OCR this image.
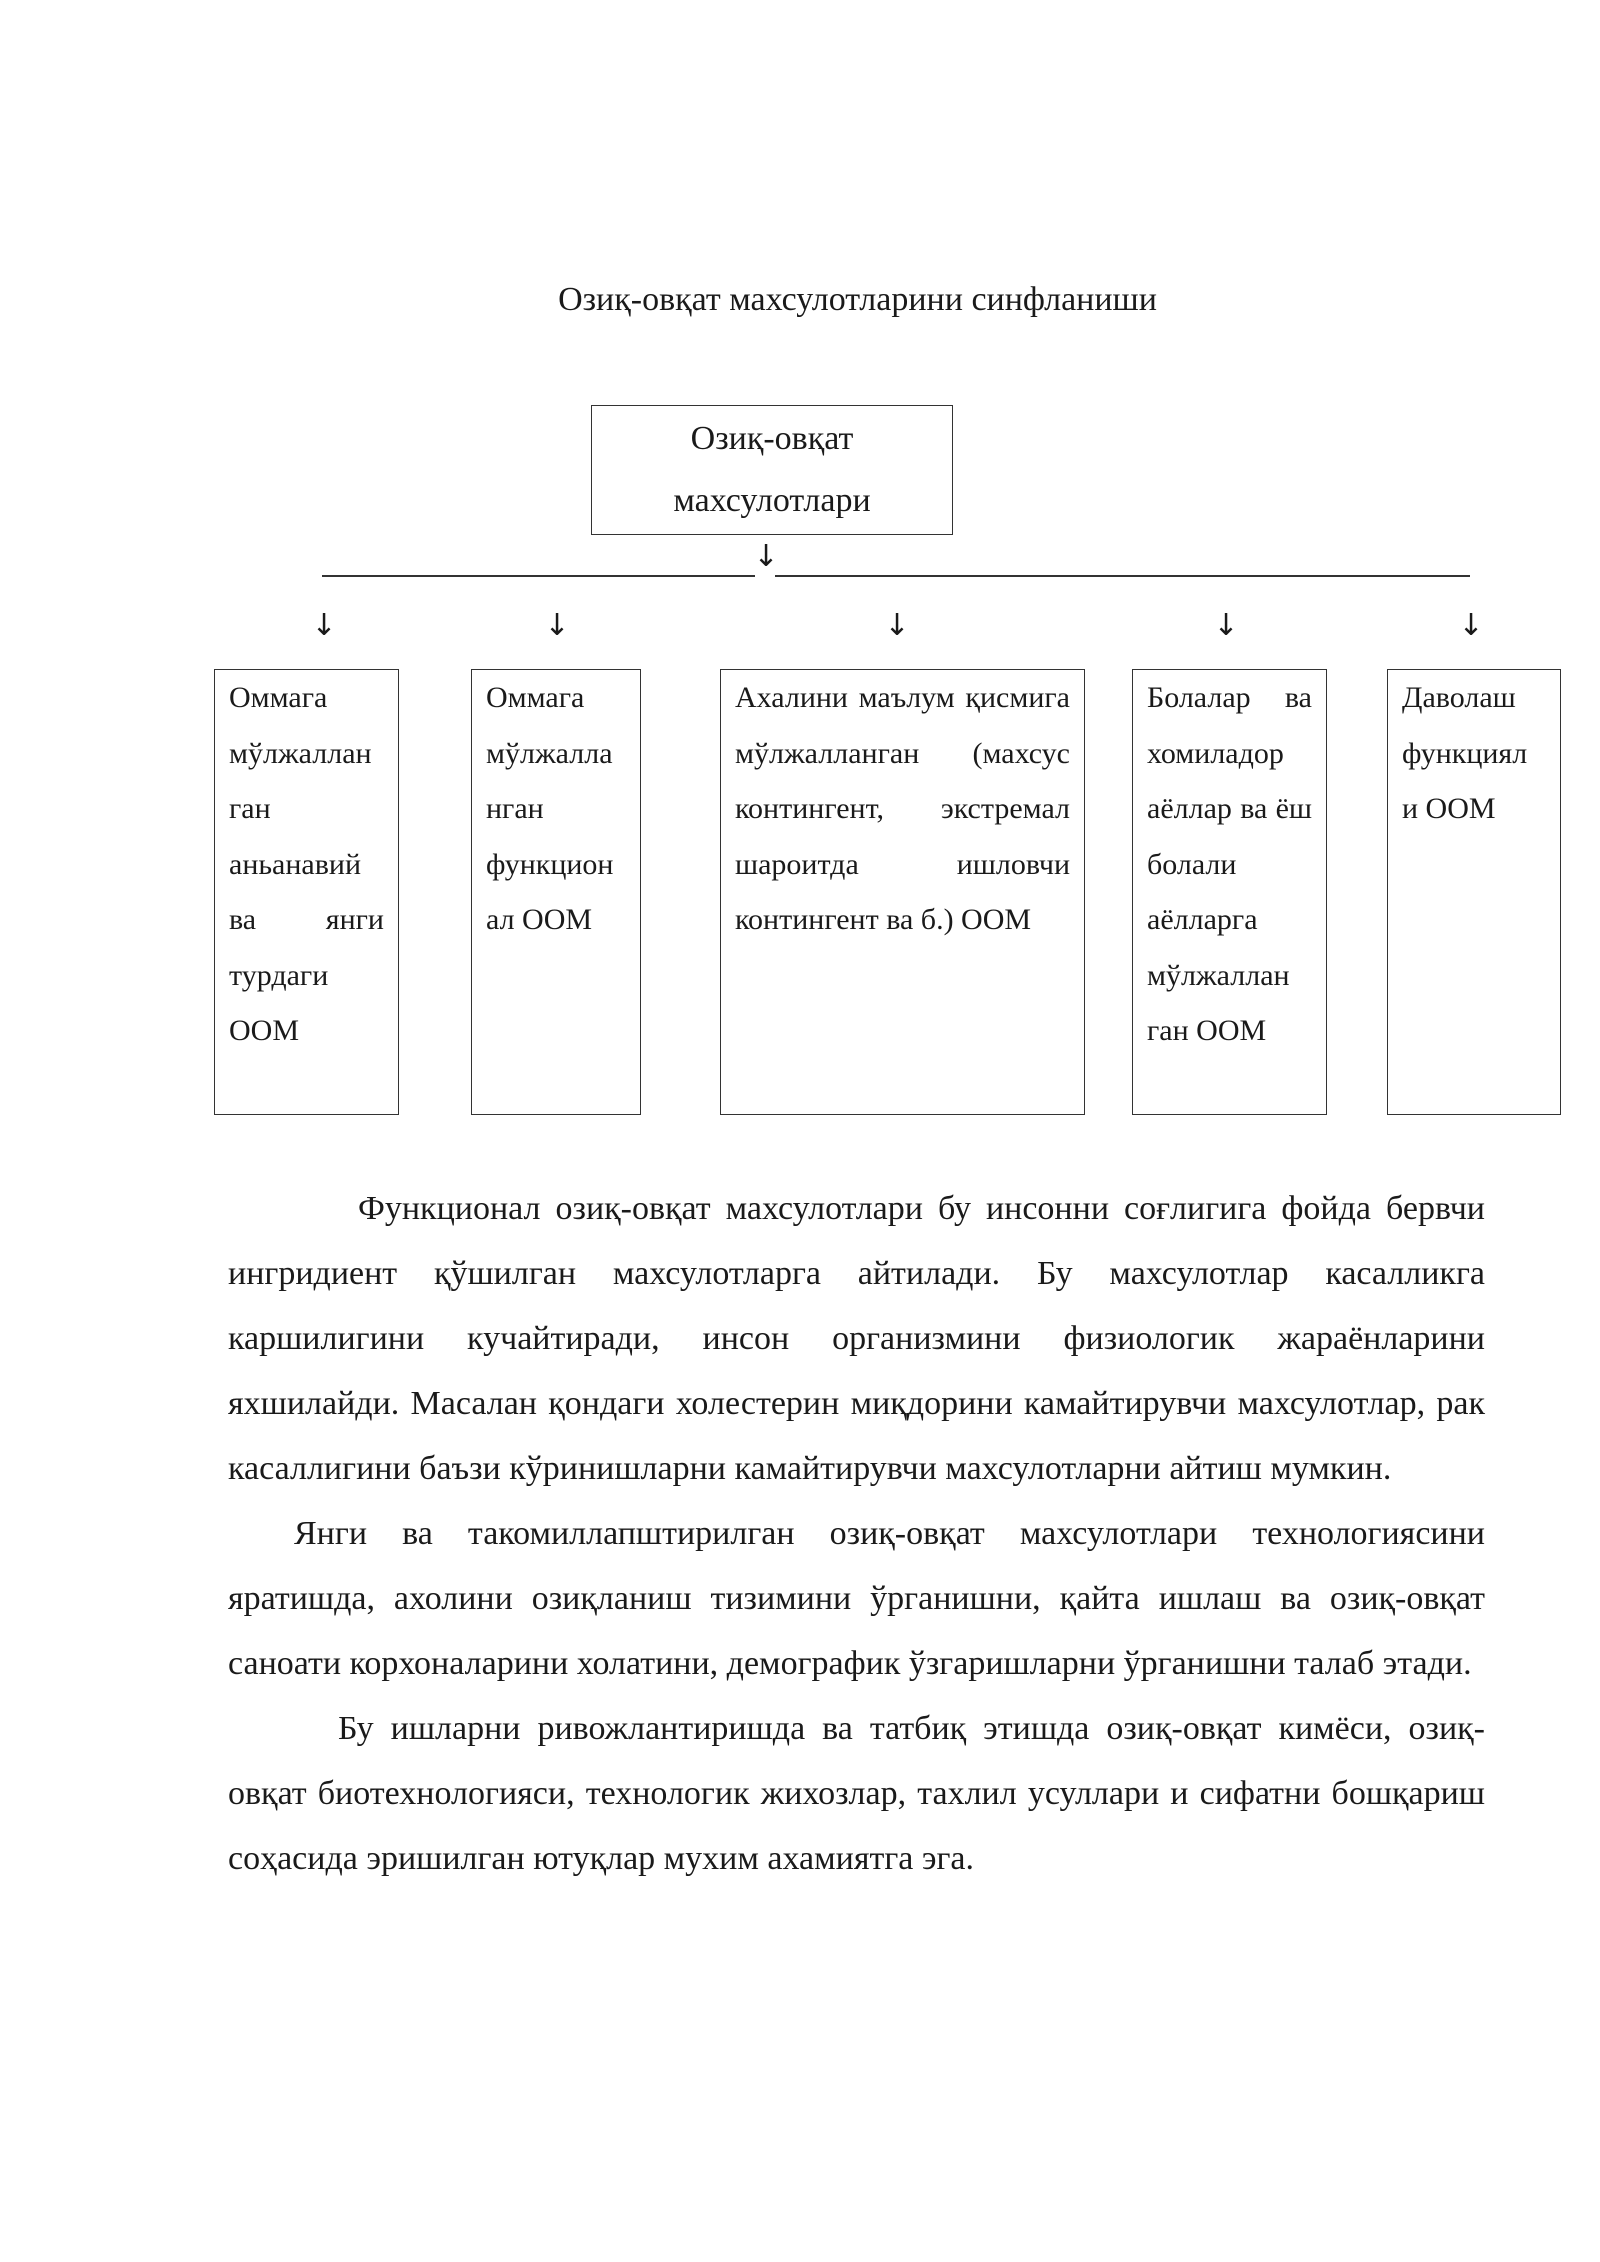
Озиқ-овқат махсулотларини синфланиши
Озиқ-овқат
махсулотлари
↓
↓	↓	↓	↓	↓
Оммага мўлжаллан ган аньанавий ва янги турдаги ООМ
Оммага мўлжалла нган функцион ал ООМ
Ахалини маълум қисмига мўлжалланган (махсус контингент, экстремал шароитда ишловчи контингент ва б.) ООМ
Болалар ва хомиладор аёллар ва ёш болали аёлларга мўлжаллан ган ООМ
Даволаш функциял и ООМ

Функционал озиқ-овқат махсулотлари бу инсонни соғлигига фойда бервчи ингридиент қўшилган махсулотларга айтилади. Бу махсулотлар касалликга каршилигини кучайтиради, инсон организмини физиологик жараёнларини яхшилайди. Масалан қондаги холестерин миқдорини камайтирувчи махсулотлар, рак касаллигини баъзи кўринишларни камайтирувчи махсулотларни айтиш мумкин.

Янги ва такомиллапштирилган озиқ-овқат махсулотлари технологиясини яратишда, ахолини озиқланиш тизимини ўрганишни, қайта ишлаш ва озиқ-овқат саноати корхоналарини холатини, демографик ўзгаришларни ўрганишни талаб этади.

Бу ишларни ривожлантиришда ва татбиқ этишда озиқ-овқат кимёси, озиқ-овқат биотехнологияси, технологик жихозлар, тахлил усуллари и сифатни бошқариш соҳасида эришилган ютуқлар мухим ахамиятга эга.
